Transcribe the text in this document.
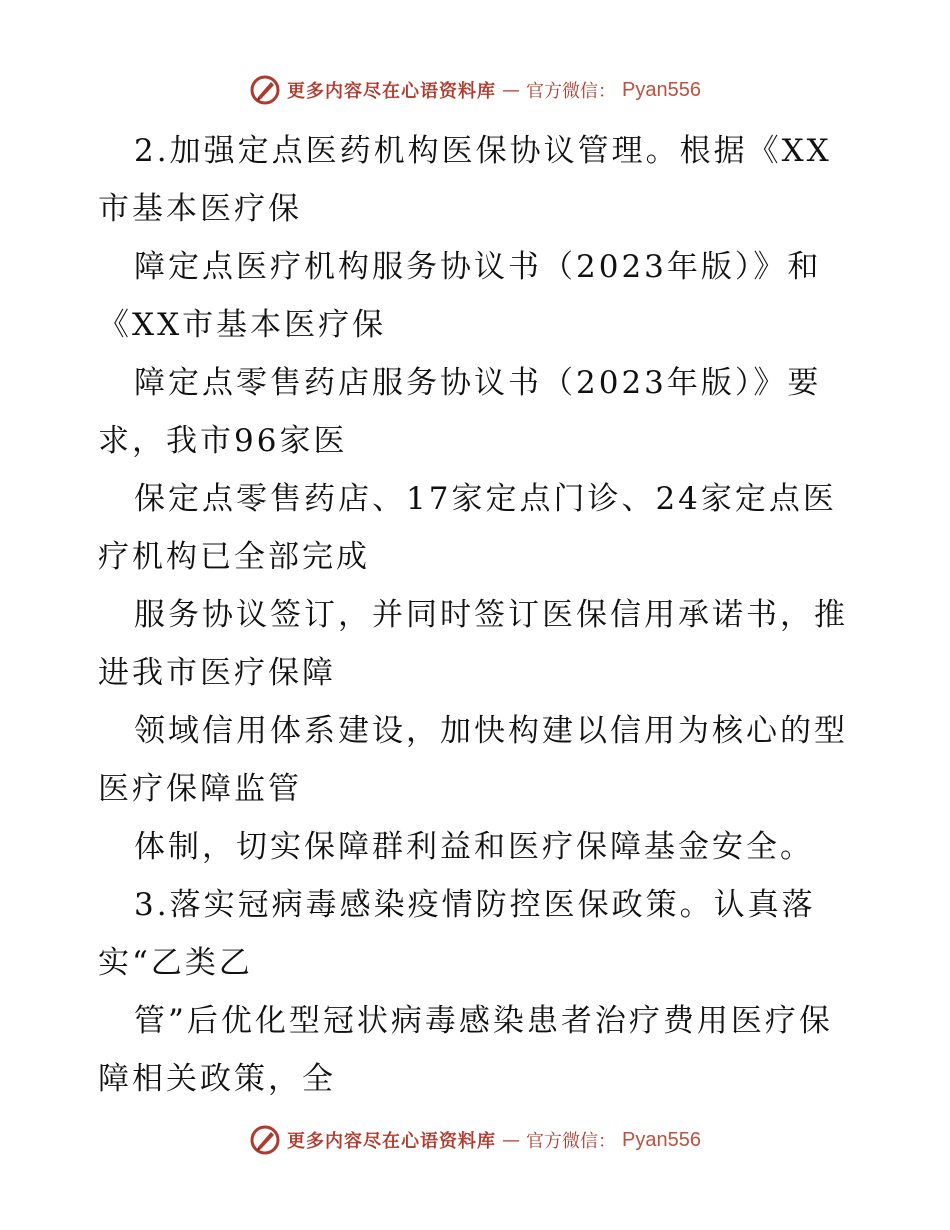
更多内容尽在心语资料库 — 官方微信： Pyan556

2.加强定点医药机构医保协议管理。根据《XX

市基本医疗保

障定点医疗机构服务协议书（2023年版）》和

《XX市基本医疗保

障定点零售药店服务协议书（2023年版）》要

求，我市96家医

保定点零售药店、17家定点门诊、24家定点医

疗机构已全部完成

服务协议签订，并同时签订医保信用承诺书，推

进我市医疗保障

领域信用体系建设，加快构建以信用为核心的型

医疗保障监管

体制，切实保障群利益和医疗保障基金安全。

3.落实冠病毒感染疫情防控医保政策。认真落

实“乙类乙

管”后优化型冠状病毒感染患者治疗费用医疗保

障相关政策，全

更多内容尽在心语资料库 — 官方微信： Pyan556
